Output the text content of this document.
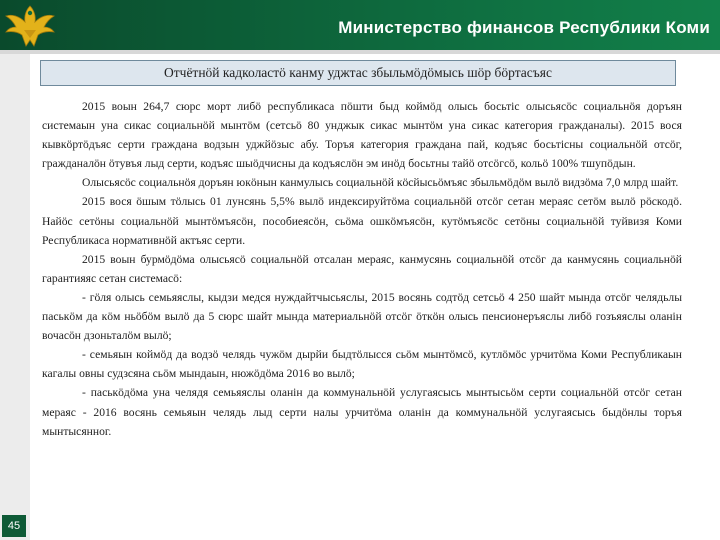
Министерство финансов Республики Коми
45
Отчётнӧй кадколастӧ канму уджтас збыльмӧдӧмысь шӧр бӧртасъяс

2015 воын 264,7 сюрс морт либӧ республикаса пӧшти быд коймӧд олысь босьтіс олысьясӧс социальнӧя доръян системаын уна сикас социальнӧй мынтӧм (сетсьӧ 80 унджык сикас мынтӧм уна сикас категория гражданалы). 2015 вося кывкӧртӧдъяс серти граждана водзын уджйӧзыс абу. Торъя категория граждана пай, кодъяс босьтісны социальнӧй отсӧг, гражданалӧн ӧтувъя лыд серти, кодъяс шыӧдчисны да кодъяслӧн эм инӧд босьтны тайӧ отсӧгсӧ, кольӧ 100% тшупӧдын.

Олысьясӧс социальнӧя доръян юкӧнын канмулысь социальнӧй кӧсйысьӧмъяс збыльмӧдӧм вылӧ видзӧма 7,0 млрд шайт.

2015 вося ӧшым тӧлысь 01 лунсянь 5,5% вылӧ индексируйтӧма социальнӧй отсӧг сетан мераяс сетӧм вылӧ рӧскодӧ. Найӧс сетӧны социальнӧй мынтӧмъясӧн, пособиеясӧн, сьӧма ошкӧмъясӧн, кутӧмъясӧс сетӧны социальнӧй туйвизя Коми Республикаса нормативнӧй актъяс серти.

2015 воын бурмӧдӧма олысьясӧ социальнӧй отсалан мераяс, канмусянь социальнӧй отсӧг да канмусянь социальнӧй гарантияяс сетан системасӧ:

- гӧля олысь семьяяслы, кыдзи медся нуждайтчысьяслы, 2015 восянь содтӧд сетсьӧ 4 250 шайт мында отсӧг челядьлы паськӧм да кӧм ньӧбӧм вылӧ да 5 сюрс шайт мында материальнӧй отсӧг ӧткӧн олысь пенсионеръяслы либӧ гозъяяслы оланін вочасӧн дзоньталӧм вылӧ;

- семьяын коймӧд да водзӧ челядь чужӧм дырйи быдтӧлысся сьӧм мынтӧмсӧ, кутлӧмӧс урчитӧма Коми Республикаын кагалы овны судзсяна сьӧм мындаын, нюжӧдӧма 2016 во вылӧ;

- паськӧдӧма уна челядя семьяяслы оланін да коммунальнӧй услугаясысь мынтысьӧм серти социальнӧй отсӧг сетан мераяс - 2016 восянь семьяын челядь лыд серти налы урчитӧма оланін да коммунальнӧй услугаясысь быдӧнлы торъя мынтысянног.
